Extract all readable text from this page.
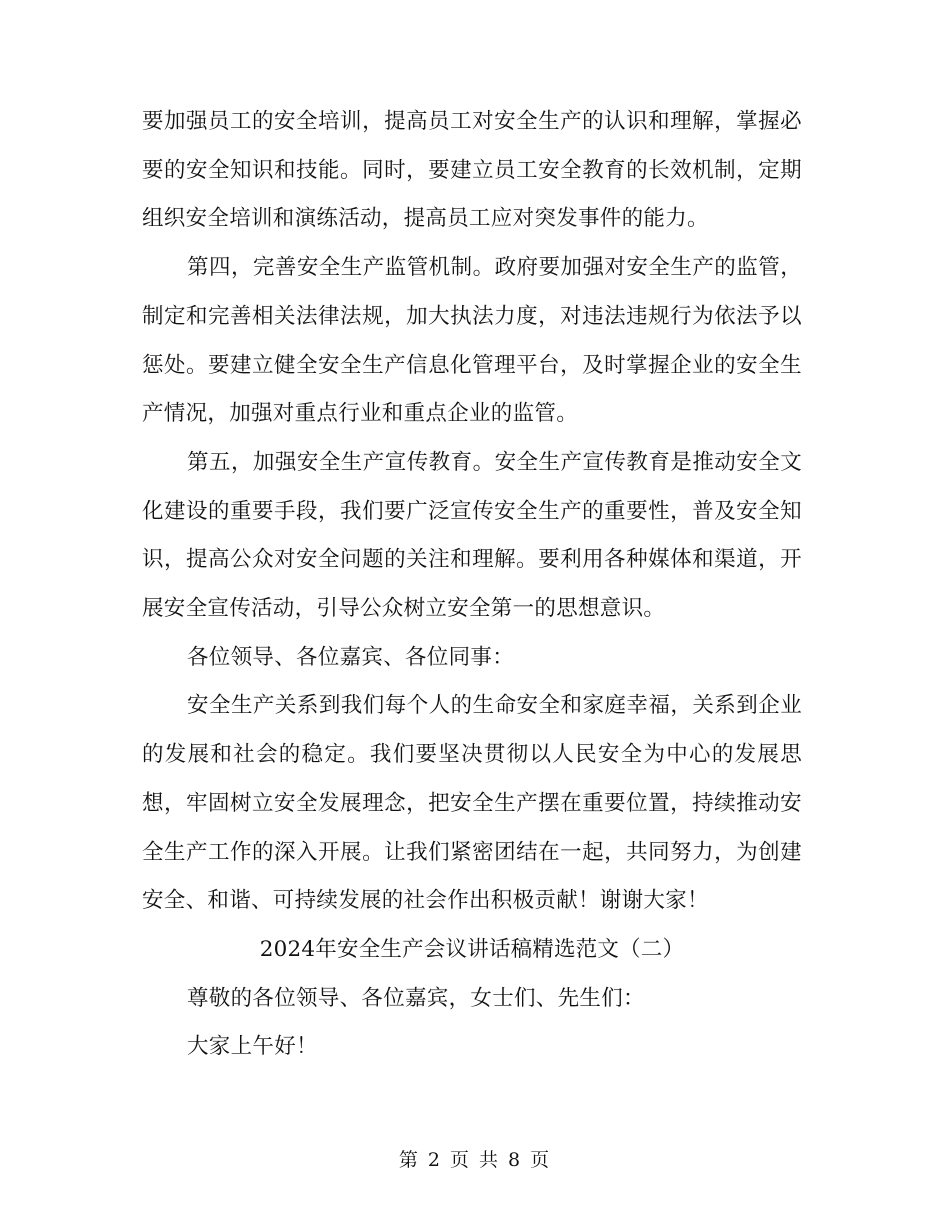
要加强员工的安全培训，提高员工对安全生产的认识和理解，掌握必要的安全知识和技能。同时，要建立员工安全教育的长效机制，定期组织安全培训和演练活动，提高员工应对突发事件的能力。

第四，完善安全生产监管机制。政府要加强对安全生产的监管，制定和完善相关法律法规，加大执法力度，对违法违规行为依法予以惩处。要建立健全安全生产信息化管理平台，及时掌握企业的安全生产情况，加强对重点行业和重点企业的监管。

第五，加强安全生产宣传教育。安全生产宣传教育是推动安全文化建设的重要手段，我们要广泛宣传安全生产的重要性，普及安全知识，提高公众对安全问题的关注和理解。要利用各种媒体和渠道，开展安全宣传活动，引导公众树立安全第一的思想意识。

各位领导、各位嘉宾、各位同事：

安全生产关系到我们每个人的生命安全和家庭幸福，关系到企业的发展和社会的稳定。我们要坚决贯彻以人民安全为中心的发展思想，牢固树立安全发展理念，把安全生产摆在重要位置，持续推动安全生产工作的深入开展。让我们紧密团结在一起，共同努力，为创建安全、和谐、可持续发展的社会作出积极贡献！谢谢大家！

2024年安全生产会议讲话稿精选范文（二）

尊敬的各位领导、各位嘉宾，女士们、先生们：

大家上午好！

第 2 页 共 8 页
